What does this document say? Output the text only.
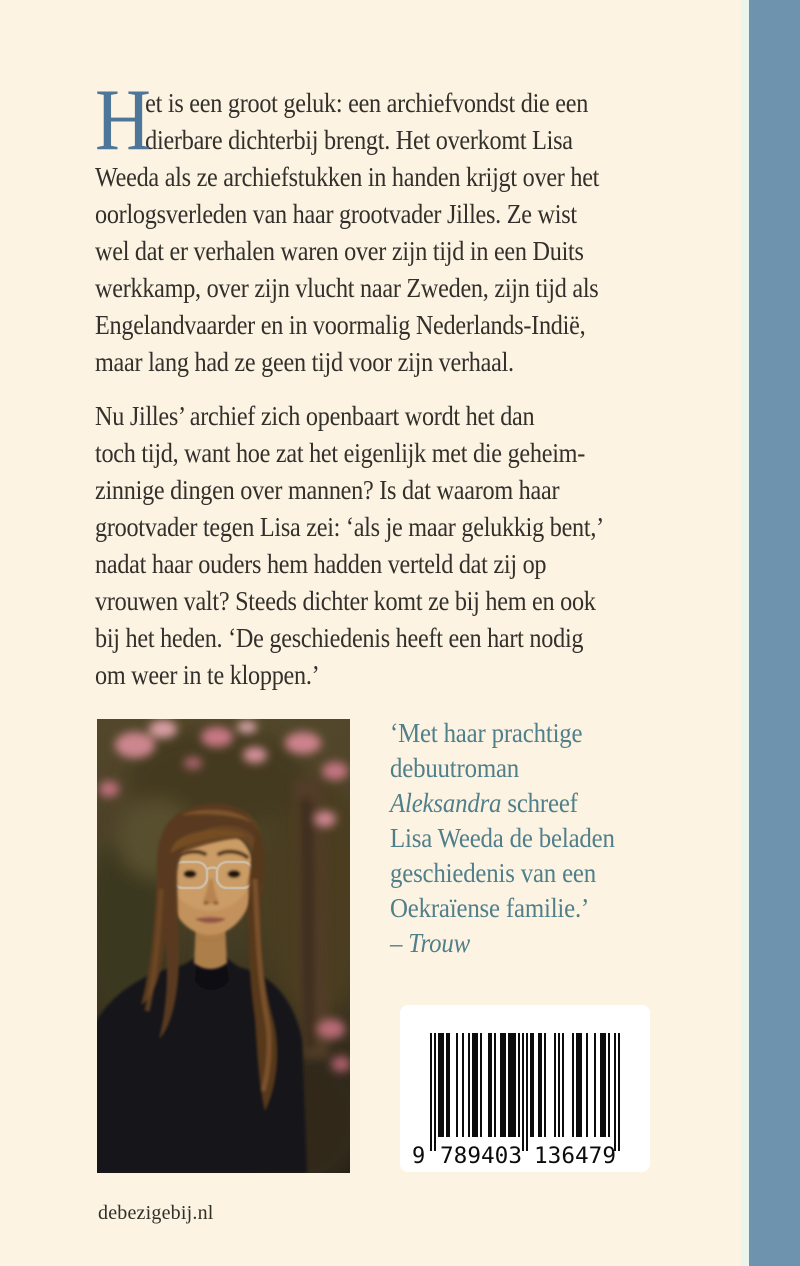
H
et is een groot geluk: een archiefvondst die een
dierbare dichterbij brengt. Het overkomt Lisa
Weeda als ze archiefstukken in handen krijgt over het
oorlogsverleden van haar grootvader Jilles. Ze wist
wel dat er verhalen waren over zijn tijd in een Duits
werkkamp, over zijn vlucht naar Zweden, zijn tijd als
Engelandvaarder en in voormalig Nederlands-Indië,
maar lang had ze geen tijd voor zijn verhaal.
Nu Jilles’ archief zich openbaart wordt het dan
toch tijd, want hoe zat het eigenlijk met die geheim-
zinnige dingen over mannen? Is dat waarom haar
grootvader tegen Lisa zei: ‘als je maar gelukkig bent,’
nadat haar ouders hem hadden verteld dat zij op
vrouwen valt? Steeds dichter komt ze bij hem en ook
bij het heden. ‘De geschiedenis heeft een hart nodig
om weer in te kloppen.’
‘Met haar prachtige
debuutroman
Aleksandra schreef
Lisa Weeda de beladen
geschiedenis van een
Oekraïense familie.’
– Trouw
9 789403 136479
debezigebij.nl
